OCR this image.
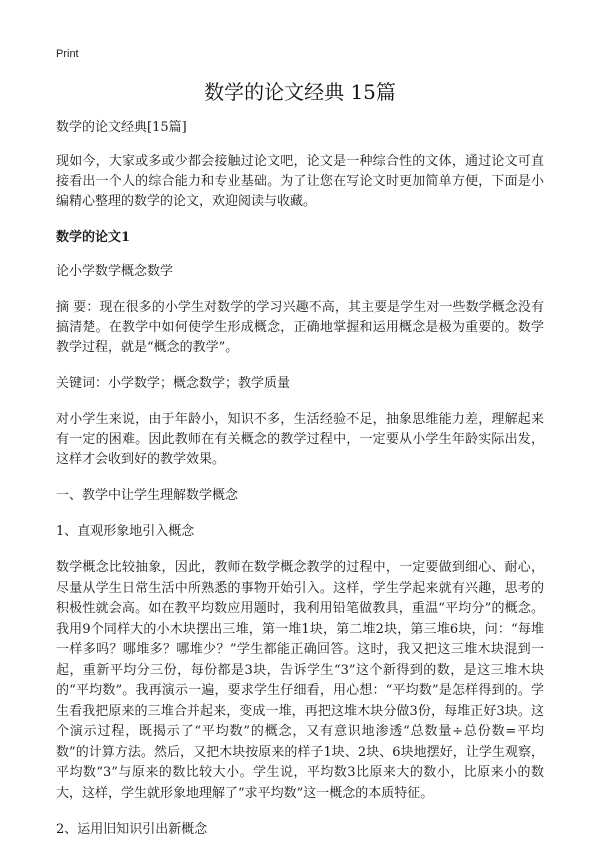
Print
数学的论文经典 15篇

数学的论文经典[15篇]

现如今，大家或多或少都会接触过论文吧，论文是一种综合性的文体，通过论文可直接看出一个人的综合能力和专业基础。为了让您在写论文时更加简单方便，下面是小编精心整理的数学的论文，欢迎阅读与收藏。

数学的论文1

论小学数学概念数学

摘 要：现在很多的小学生对数学的学习兴趣不高，其主要是学生对一些数学概念没有搞清楚。在教学中如何使学生形成概念，正确地掌握和运用概念是极为重要的。数学教学过程，就是“概念的教学”。

关键词：小学数学；概念数学；教学质量

对小学生来说，由于年龄小，知识不多，生活经验不足，抽象思维能力差，理解起来有一定的困难。因此教师在有关概念的教学过程中，一定要从小学生年龄实际出发，这样才会收到好的教学效果。

一、教学中让学生理解数学概念

1、直观形象地引入概念

数学概念比较抽象，因此，教师在数学概念教学的过程中，一定要做到细心、耐心，尽量从学生日常生活中所熟悉的事物开始引入。这样，学生学起来就有兴趣，思考的积极性就会高。如在教平均数应用题时，我利用铅笔做教具，重温“平均分”的概念。我用9个同样大的小木块摆出三堆，第一堆1块，第二堆2块，第三堆6块，问：“每堆一样多吗？哪堆多？哪堆少？”学生都能正确回答。这时，我又把这三堆木块混到一起，重新平均分三份，每份都是3块，告诉学生“3”这个新得到的数，是这三堆木块的“平均数”。我再演示一遍，要求学生仔细看，用心想：“平均数”是怎样得到的。学生看我把原来的三堆合并起来，变成一堆，再把这堆木块分做3份，每堆正好3块。这个演示过程，既揭示了“平均数”的概念，又有意识地渗透“总数量÷总份数=平均数”的计算方法。然后，又把木块按原来的样子1块、2块、6块地摆好，让学生观察，平均数“3”与原来的数比较大小。学生说，平均数3比原来大的数小，比原来小的数大，这样，学生就形象地理解了“求平均数”这一概念的本质特征。

2、运用旧知识引出新概念
